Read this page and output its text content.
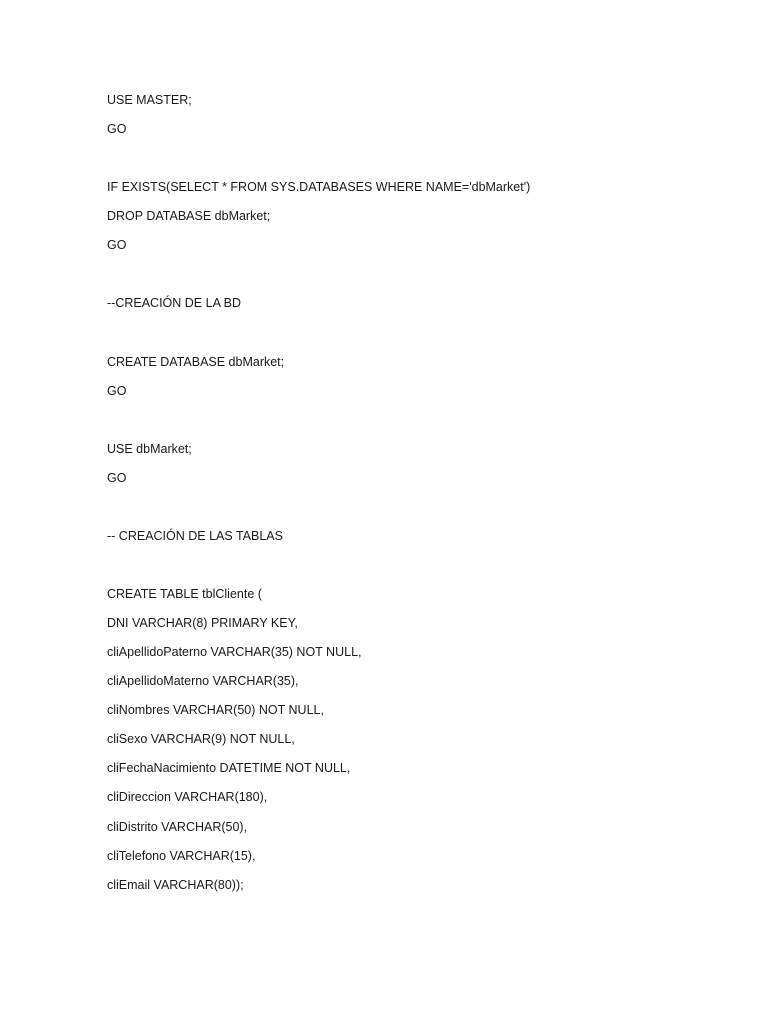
USE MASTER;

GO

IF EXISTS(SELECT * FROM SYS.DATABASES WHERE NAME='dbMarket')

DROP DATABASE dbMarket;

GO

--CREACIÓN DE LA BD

CREATE DATABASE dbMarket;

GO

USE dbMarket;

GO

-- CREACIÓN DE LAS TABLAS

CREATE TABLE tblCliente (

DNI VARCHAR(8) PRIMARY KEY,

cliApellidoPaterno VARCHAR(35) NOT NULL,

cliApellidoMaterno VARCHAR(35),

cliNombres VARCHAR(50) NOT NULL,

cliSexo VARCHAR(9) NOT NULL,

cliFechaNacimiento DATETIME NOT NULL,

cliDireccion VARCHAR(180),

cliDistrito VARCHAR(50),

cliTelefono VARCHAR(15),

cliEmail VARCHAR(80));
